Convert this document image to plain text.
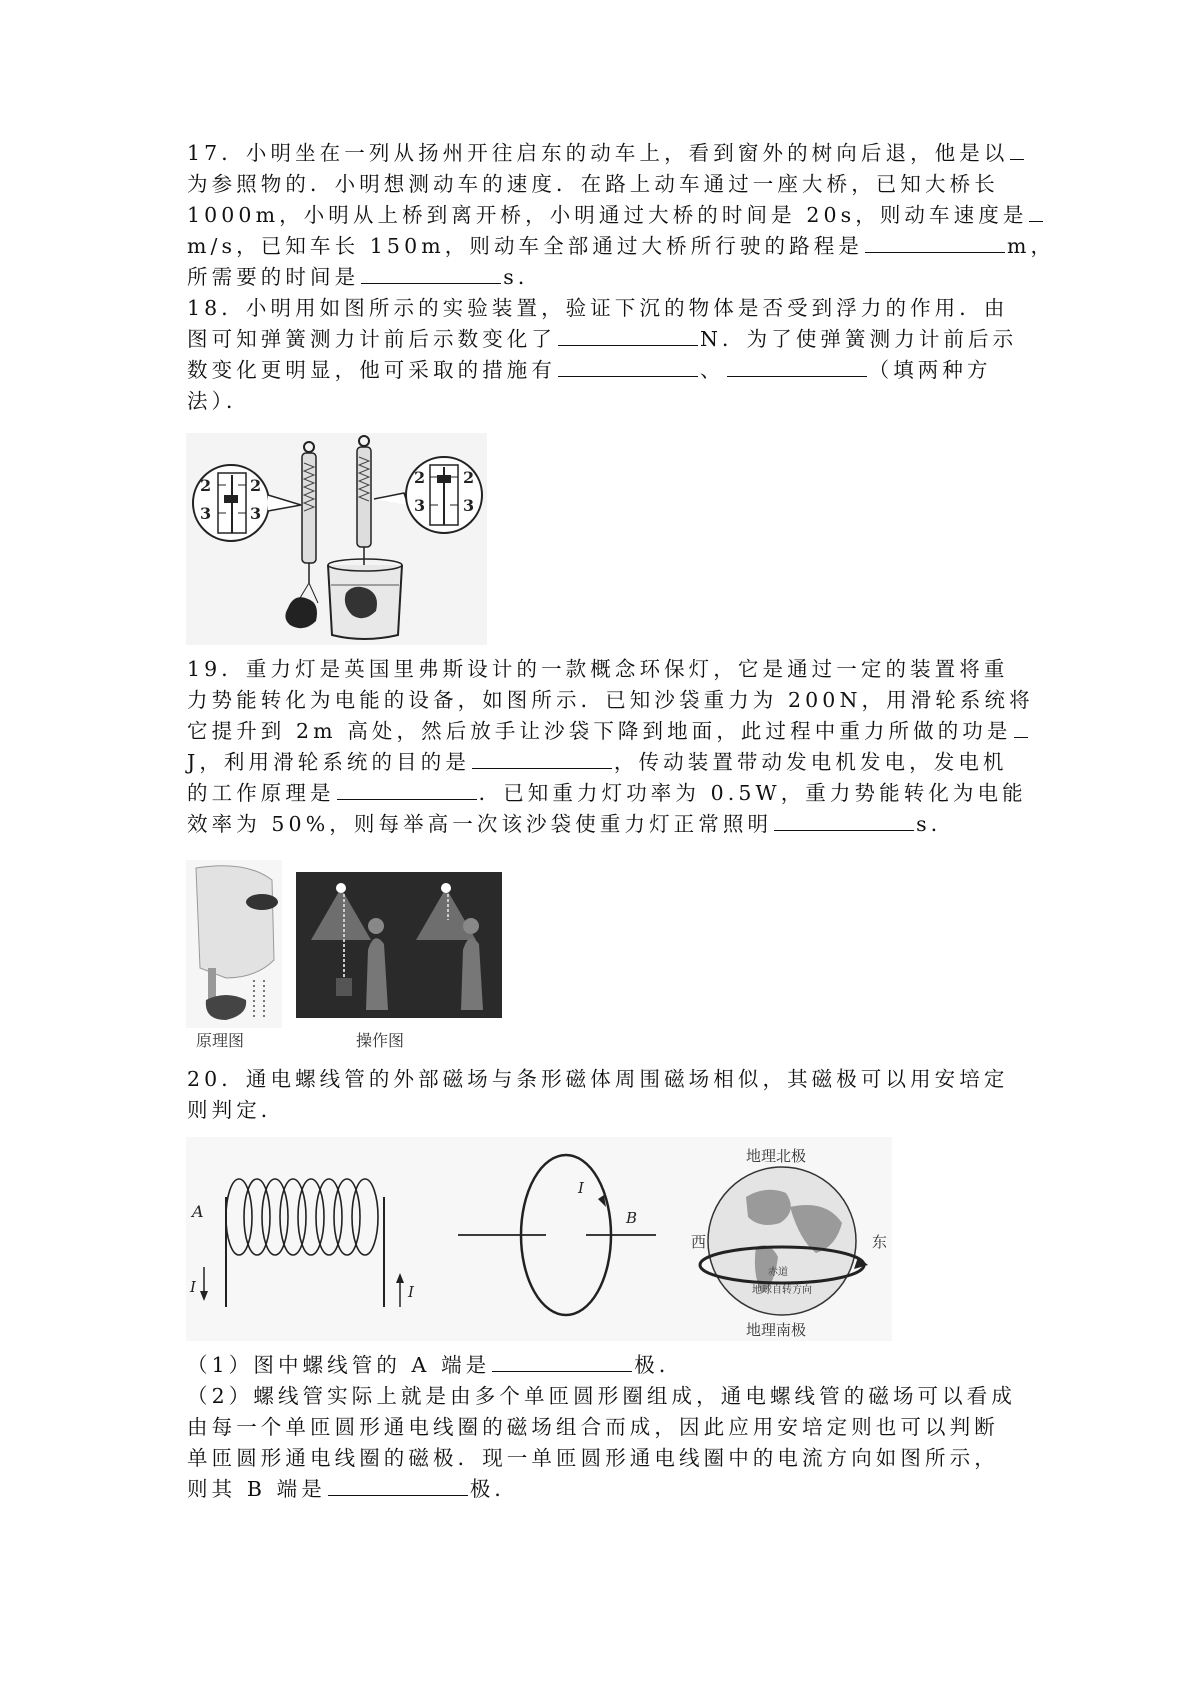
17．小明坐在一列从扬州开往启东的动车上，看到窗外的树向后退，他是以
为参照物的．小明想测动车的速度．在路上动车通过一座大桥，已知大桥长
1000m，小明从上桥到离开桥，小明通过大桥的时间是 20s，则动车速度是
m/s，已知车长 150m，则动车全部通过大桥所行驶的路程是	m，
所需要的时间是	s．
18．小明用如图所示的实验装置，验证下沉的物体是否受到浮力的作用．由
图可知弹簧测力计前后示数变化了	N．为了使弹簧测力计前后示
数变化更明显，他可采取的措施有	、	（填两种方
法）．
2
3
2
3
2
3
2
3
19．重力灯是英国里弗斯设计的一款概念环保灯，它是通过一定的装置将重
力势能转化为电能的设备，如图所示．已知沙袋重力为 200N，用滑轮系统将
它提升到 2m 高处，然后放手让沙袋下降到地面，此过程中重力所做的功是
J，利用滑轮系统的目的是	，传动装置带动发电机发电，发电机
的工作原理是	．已知重力灯功率为 0.5W，重力势能转化为电能
效率为 50%，则每举高一次该沙袋使重力灯正常照明	s．
原理图	操作图
20．通电螺线管的外部磁场与条形磁体周围磁场相似，其磁极可以用安培定
则判定．
A
I	I
I
B
地理北极
地理南极
西	东
赤道
地球自转方向
（1）图中螺线管的 A 端是	极．
（2）螺线管实际上就是由多个单匝圆形圈组成，通电螺线管的磁场可以看成
由每一个单匝圆形通电线圈的磁场组合而成，因此应用安培定则也可以判断
单匝圆形通电线圈的磁极．现一单匝圆形通电线圈中的电流方向如图所示，
则其 B 端是	极．
